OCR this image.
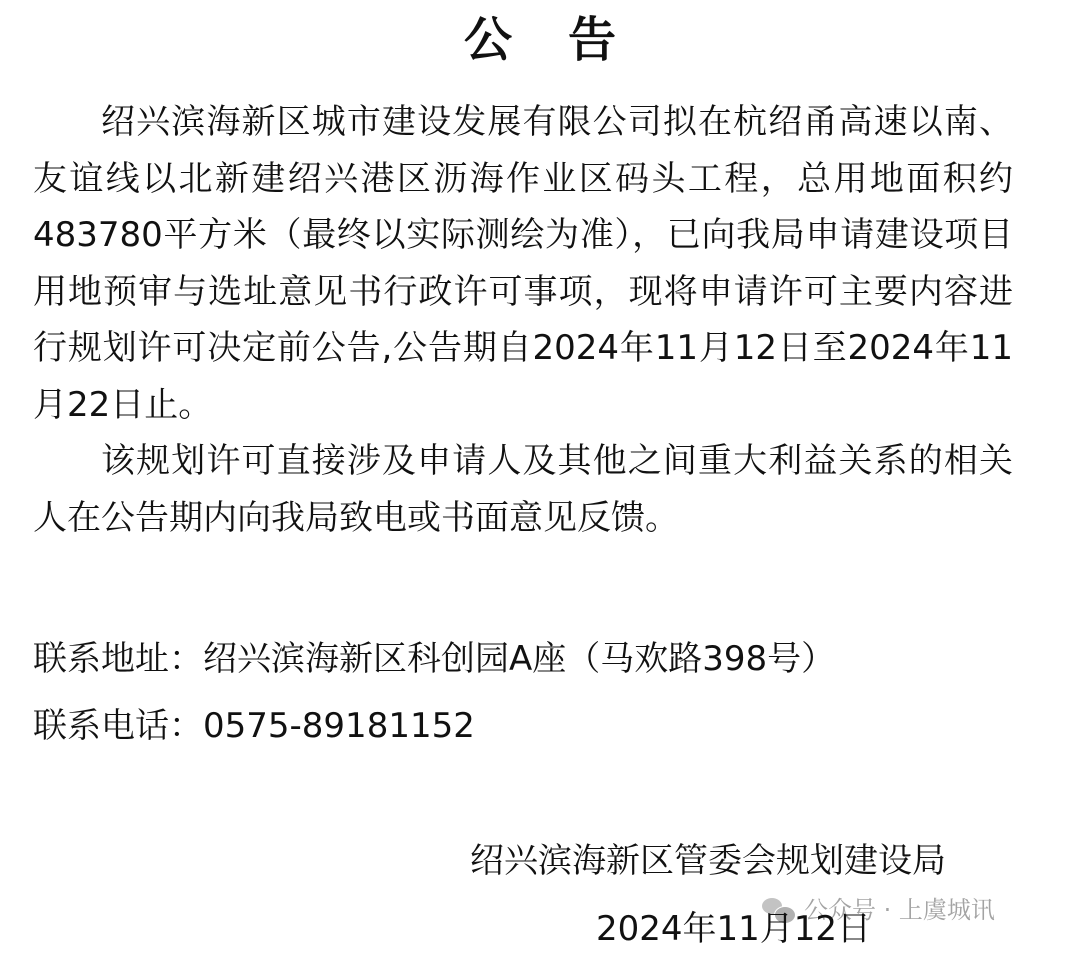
公告

绍兴滨海新区城市建设发展有限公司拟在杭绍甬高速以南、友谊线以北新建绍兴港区沥海作业区码头工程，总用地面积约483780平方米（最终以实际测绘为准），已向我局申请建设项目用地预审与选址意见书行政许可事项，现将申请许可主要内容进行规划许可决定前公告,公告期自2024年11月12日至2024年11月22日止。

该规划许可直接涉及申请人及其他之间重大利益关系的相关人在公告期内向我局致电或书面意见反馈。

联系地址：绍兴滨海新区科创园A座（马欢路398号）
联系电话：0575-89181152
绍兴滨海新区管委会规划建设局
公众号 · 上虞城讯
2024年11月12日
